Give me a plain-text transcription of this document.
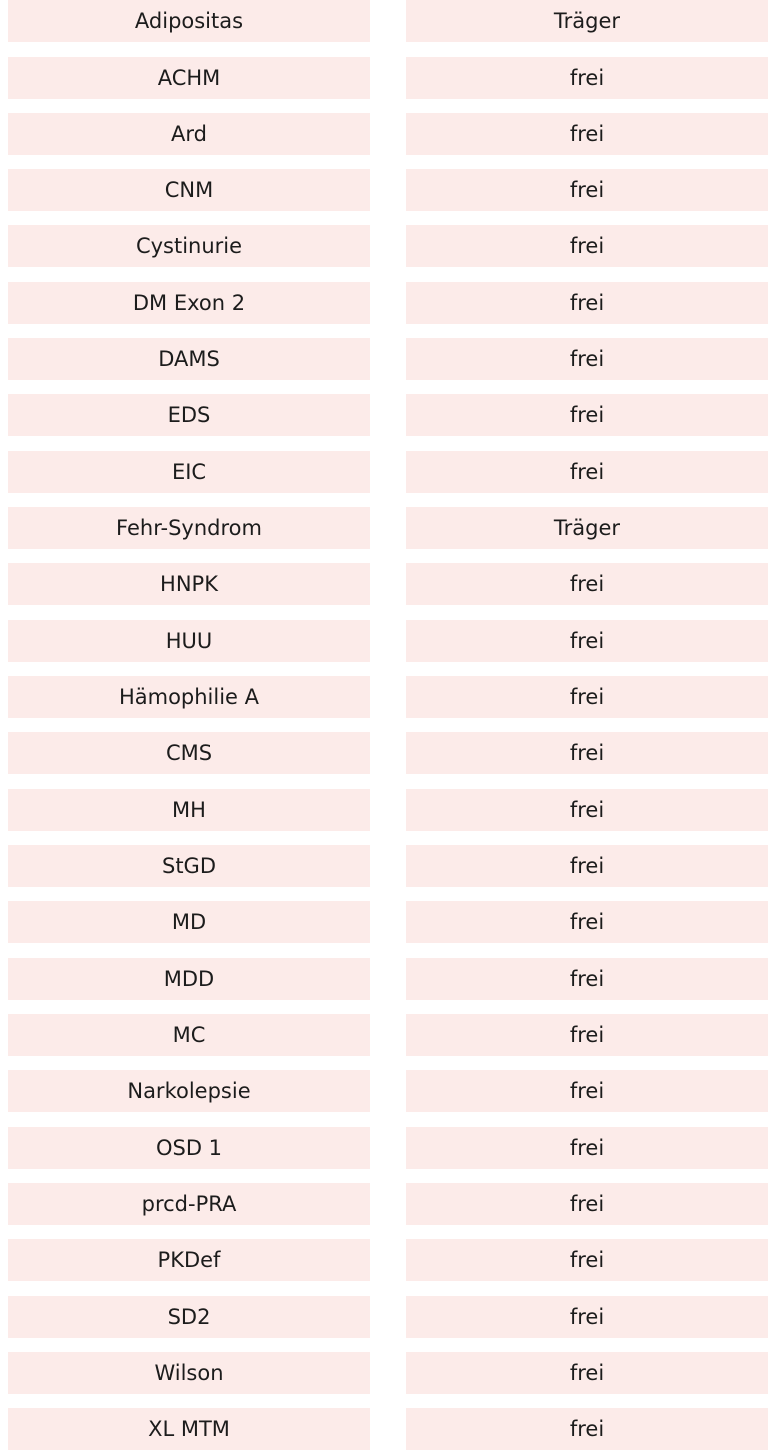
Adipositas	Träger
ACHM	frei
Ard	frei
CNM	frei
Cystinurie	frei
DM Exon 2	frei
DAMS	frei
EDS	frei
EIC	frei
Fehr-Syndrom	Träger
HNPK	frei
HUU	frei
Hämophilie A	frei
CMS	frei
MH	frei
StGD	frei
MD	frei
MDD	frei
MC	frei
Narkolepsie	frei
OSD 1	frei
prcd-PRA	frei
PKDef	frei
SD2	frei
Wilson	frei
XL MTM	frei
